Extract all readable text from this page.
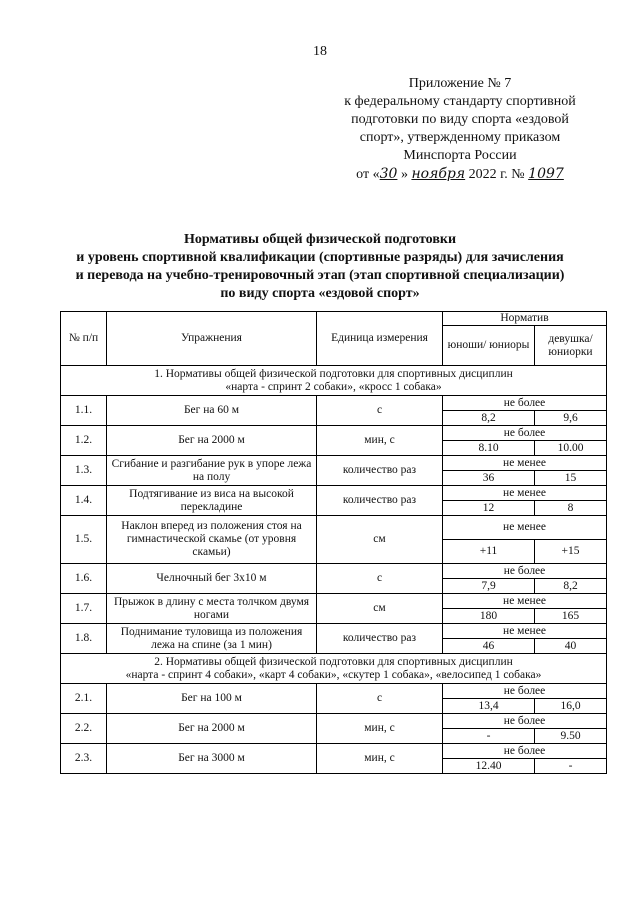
18
Приложение № 7
к федеральному стандарту спортивной
подготовки по виду спорта «ездовой
спорт», утвержденному приказом
Минспорта России
от «30 » ноября 2022 г. № 1097
Нормативы общей физической подготовки
и уровень спортивной квалификации (спортивные разряды) для зачисления
и перевода на учебно-тренировочный этап (этап спортивной специализации)
по виду спорта «ездовой спорт»
№ п/п	Упражнения	Единица измерения	Норматив	
			юноши/ юниоры	девушка/ юниорки

1. Нормативы общей физической подготовки для спортивных дисциплин
«нарта - спринт 2 собаки», «кросс 1 собака»				

1.1.	Бег на 60 м	с	не более	
			8,2	9,6
1.2.	Бег на 2000 м	мин, с	не более	
			8.10	10.00
1.3.	Сгибание и разгибание рук в упоре лежа на полу	количество раз	не менее	
			36	15
1.4.	Подтягивание из виса на высокой перекладине	количество раз	не менее	
			12	8
1.5.	Наклон вперед из положения стоя на гимнастической скамье (от уровня скамьи)	см	не менее	
			+11	+15
1.6.	Челночный бег 3х10 м	с	не более	
			7,9	8,2
1.7.	Прыжок в длину с места толчком двумя ногами	см	не менее	
			180	165
1.8.	Поднимание туловища из положения лежа на спине (за 1 мин)	количество раз	не менее	
			46	40

2. Нормативы общей физической подготовки для спортивных дисциплин
«нарта - спринт 4 собаки», «карт 4 собаки», «скутер 1 собака», «велосипед 1 собака»				

2.1.	Бег на 100 м	с	не более	
			13,4	16,0
2.2.	Бег на 2000 м	мин, с	не более	
			-	9.50
2.3.	Бег на 3000 м	мин, с	не более	
			12.40	-
